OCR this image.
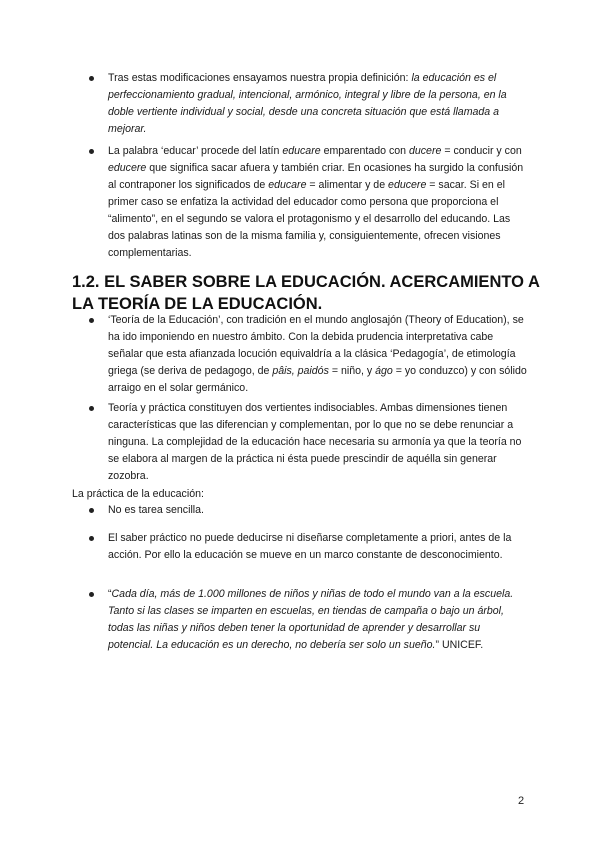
Tras estas modificaciones ensayamos nuestra propia definición: la educación es el perfeccionamiento gradual, intencional, armónico, integral y libre de la persona, en la doble vertiente individual y social, desde una concreta situación que está llamada a mejorar.
La palabra ‘educar’ procede del latín educare emparentado con ducere = conducir y con educere que significa sacar afuera y también criar. En ocasiones ha surgido la confusión al contraponer los significados de educare = alimentar y de educere = sacar. Si en el primer caso se enfatiza la actividad del educador como persona que proporciona el “alimento”, en el segundo se valora el protagonismo y el desarrollo del educando. Las dos palabras latinas son de la misma familia y, consiguientemente, ofrecen visiones complementarias.
1.2. EL SABER SOBRE LA EDUCACIÓN. ACERCAMIENTO A LA TEORÍA DE LA EDUCACIÓN.
‘Teoría de la Educación’, con tradición en el mundo anglosajón (Theory of Education), se ha ido imponiendo en nuestro ámbito. Con la debida prudencia interpretativa cabe señalar que esta afianzada locución equivaldría a la clásica ‘Pedagogía’, de etimología griega (se deriva de pedagogo, de pâis, paidós = niño, y ágo = yo conduzco) y con sólido arraigo en el solar germánico.
Teoría y práctica constituyen dos vertientes indisociables. Ambas dimensiones tienen características que las diferencian y complementan, por lo que no se debe renunciar a ninguna. La complejidad de la educación hace necesaria su armonía ya que la teoría no se elabora al margen de la práctica ni ésta puede prescindir de aquélla sin generar zozobra.
La práctica de la educación:
No es tarea sencilla.
El saber práctico no puede deducirse ni diseñarse completamente a priori, antes de la acción. Por ello la educación se mueve en un marco constante de desconocimiento.
“Cada día, más de 1.000 millones de niños y niñas de todo el mundo van a la escuela. Tanto si las clases se imparten en escuelas, en tiendas de campaña o bajo un árbol, todas las niñas y niños deben tener la oportunidad de aprender y desarrollar su potencial. La educación es un derecho, no debería ser solo un sueño.” UNICEF.
2
